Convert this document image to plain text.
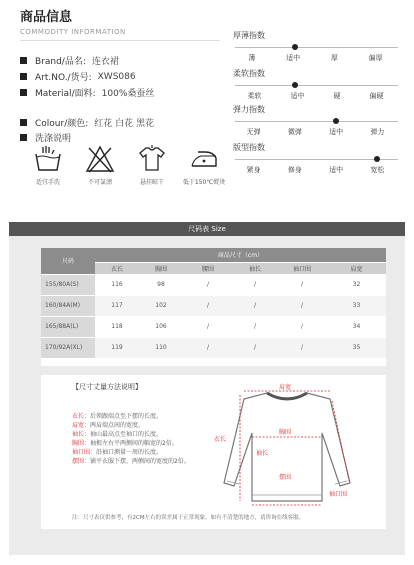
商品信息
COMMODITY INFORMATION
Brand/品名: 连衣裙
Art.NO./货号: XWS086
Material/面料: 100%桑蚕丝
Colour/颜色: 红花 白花 黑花
洗涤说明
适宜手洗	不可氯漂	悬挂晾干	低于150℃熨烫
厚薄指数
薄	适中	厚	偏厚
柔软指数
柔软	适中	硬	偏硬
弹力指数
无弹	微弹	适中	弹力
版型指数
紧身	修身	适中	宽松
尺码表 Size
尺码	商品尺寸（cm）					
	衣长	胸围	腰围	袖长	袖口围	肩宽
155/80A(S)	116	98	/	/	/	32
160/84A(M)	117	102	/	/	/	33
165/88A(L)	118	106	/	/	/	34
170/92A(XL)	119	110	/	/	/	35
【尺寸丈量方法说明】
衣长：后领跟端点至下摆的长度。
肩宽：两肩端点间的宽度。
袖长：袖山最高点至袖口的长度。
胸围：袖根左右平两侧间的幅宽的2倍。
袖口围：沿袖口测量一周的长度。
摆围：铺平衣服下摆，两侧间的宽度的2倍。
肩宽
胸围
衣长
袖长
摆围
袖口围
注：尺寸表仅供参考，有2CM左右的误差属于正常现象，如有不清楚的地方，请咨询在线客服。
